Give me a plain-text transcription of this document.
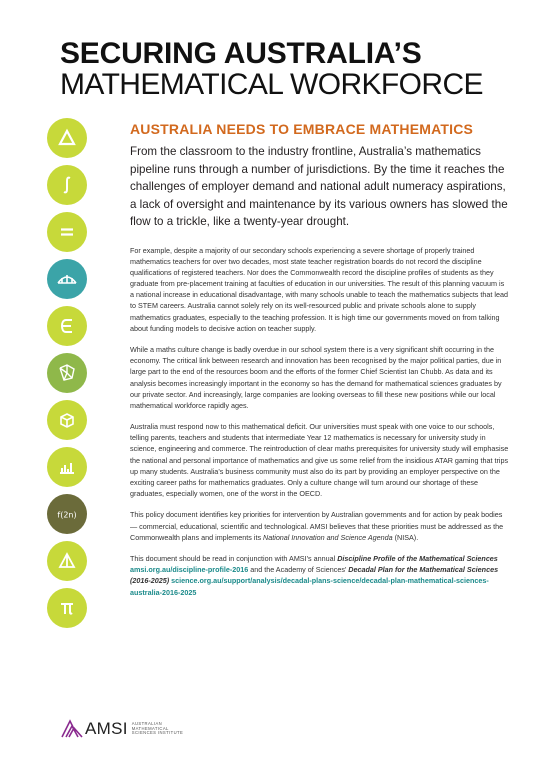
SECURING AUSTRALIA’S
MATHEMATICAL WORKFORCE
f(2n)
AUSTRALIA NEEDS TO EMBRACE MATHEMATICS

From the classroom to the industry frontline, Australia’s mathematics pipeline runs through a number of jurisdictions. By the time it reaches the challenges of employer demand and national adult numeracy aspirations, a lack of oversight and maintenance by its various owners has slowed the flow to a trickle, like a twenty-year drought.

For example, despite a majority of our secondary schools experiencing a severe shortage of properly trained mathematics teachers for over two decades, most state teacher registration boards do not record the discipline qualifications of registered teachers. Nor does the Commonwealth record the discipline profiles of students as they graduate from pre-placement training at faculties of education in our universities. The result of this planning vacuum is a national increase in educational disadvantage, with many schools unable to teach the mathematics subjects that lead to STEM careers. Australia cannot solely rely on its well-resourced public and private schools alone to supply mathematics graduates, especially to the teaching profession. It is high time our governments moved on from talking about funding models to decisive action on teacher supply.

While a maths culture change is badly overdue in our school system there is a very significant shift occurring in the economy. The critical link between research and innovation has been recognised by the major political parties, due in large part to the end of the resources boom and the efforts of the former Chief Scientist Ian Chubb. As data and its analysis becomes increasingly important in the economy so has the demand for mathematical sciences graduates by our private sector. And increasingly, large companies are looking overseas to fill these new positions while our local mathematical workforce rapidly ages.

Australia must respond now to this mathematical deficit. Our universities must speak with one voice to our schools, telling parents, teachers and students that intermediate Year 12 mathematics is necessary for university study in science, engineering and commerce. The reintroduction of clear maths prerequisites for university study will emphasise the national and personal importance of mathematics and give us some relief from the insidious ATAR gaming that trips up many students. Australia’s business community must also do its part by providing an employer perspective on the exciting career paths for mathematics graduates. Only a culture change will turn around our shortage of these graduates, especially women, one of the worst in the OECD.

This policy document identifies key priorities for intervention by Australian governments and for action by peak bodies — commercial, educational, scientific and technological. AMSI believes that these priorities must be addressed as the Commonwealth plans and implements its National Innovation and Science Agenda (NISA).

This document should be read in conjunction with AMSI’s annual Discipline Profile of the Mathematical Sciences amsi.org.au/discipline-profile-2016 and the Academy of Sciences’ Decadal Plan for the Mathematical Sciences (2016-2025) science.org.au/support/analysis/decadal-plans-science/decadal-plan-mathematical-sciences-australia-2016-2025

AMSI AUSTRALIAN MATHEMATICAL SCIENCES INSTITUTE
